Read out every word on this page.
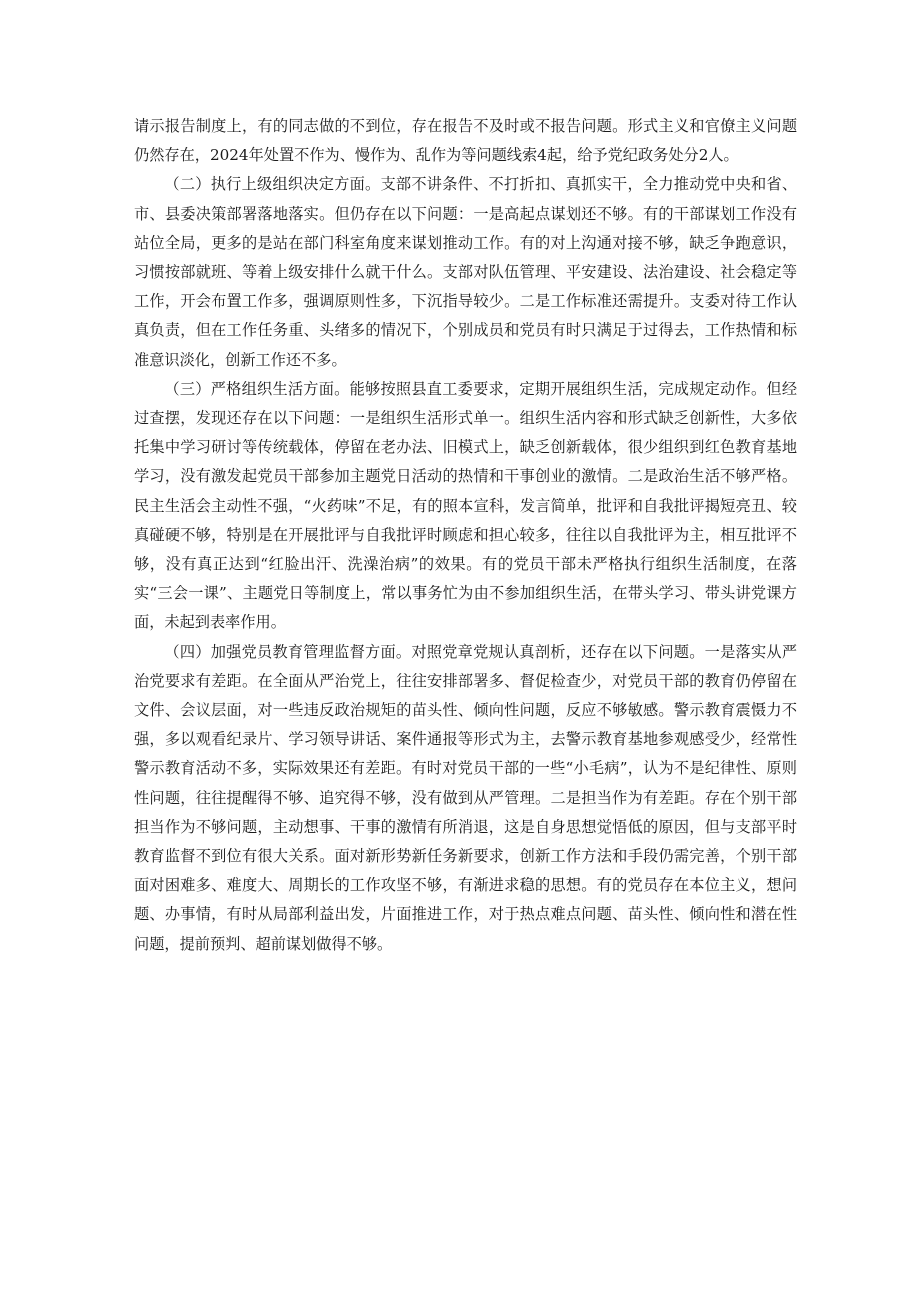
请示报告制度上，有的同志做的不到位，存在报告不及时或不报告问题。形式主义和官僚主义问题仍然存在，2024年处置不作为、慢作为、乱作为等问题线索4起，给予党纪政务处分2人。

（二）执行上级组织决定方面。支部不讲条件、不打折扣、真抓实干，全力推动党中央和省、市、县委决策部署落地落实。但仍存在以下问题：一是高起点谋划还不够。有的干部谋划工作没有站位全局，更多的是站在部门科室角度来谋划推动工作。有的对上沟通对接不够，缺乏争跑意识，习惯按部就班、等着上级安排什么就干什么。支部对队伍管理、平安建设、法治建设、社会稳定等工作，开会布置工作多，强调原则性多，下沉指导较少。二是工作标准还需提升。支委对待工作认真负责，但在工作任务重、头绪多的情况下，个别成员和党员有时只满足于过得去，工作热情和标准意识淡化，创新工作还不多。

（三）严格组织生活方面。能够按照县直工委要求，定期开展组织生活，完成规定动作。但经过查摆，发现还存在以下问题：一是组织生活形式单一。组织生活内容和形式缺乏创新性，大多依托集中学习研讨等传统载体，停留在老办法、旧模式上，缺乏创新载体，很少组织到红色教育基地学习，没有激发起党员干部参加主题党日活动的热情和干事创业的激情。二是政治生活不够严格。民主生活会主动性不强，“火药味”不足，有的照本宣科，发言简单，批评和自我批评揭短亮丑、较真碰硬不够，特别是在开展批评与自我批评时顾虑和担心较多，往往以自我批评为主，相互批评不够，没有真正达到“红脸出汗、洗澡治病”的效果。有的党员干部未严格执行组织生活制度，在落实“三会一课”、主题党日等制度上，常以事务忙为由不参加组织生活，在带头学习、带头讲党课方面，未起到表率作用。

（四）加强党员教育管理监督方面。对照党章党规认真剖析，还存在以下问题。一是落实从严治党要求有差距。在全面从严治党上，往往安排部署多、督促检查少，对党员干部的教育仍停留在文件、会议层面，对一些违反政治规矩的苗头性、倾向性问题，反应不够敏感。警示教育震慑力不强，多以观看纪录片、学习领导讲话、案件通报等形式为主，去警示教育基地参观感受少，经常性警示教育活动不多，实际效果还有差距。有时对党员干部的一些“小毛病”，认为不是纪律性、原则性问题，往往提醒得不够、追究得不够，没有做到从严管理。二是担当作为有差距。存在个别干部担当作为不够问题，主动想事、干事的激情有所消退，这是自身思想觉悟低的原因，但与支部平时教育监督不到位有很大关系。面对新形势新任务新要求，创新工作方法和手段仍需完善，个别干部面对困难多、难度大、周期长的工作攻坚不够，有渐进求稳的思想。有的党员存在本位主义，想问题、办事情，有时从局部利益出发，片面推进工作，对于热点难点问题、苗头性、倾向性和潜在性问题，提前预判、超前谋划做得不够。
